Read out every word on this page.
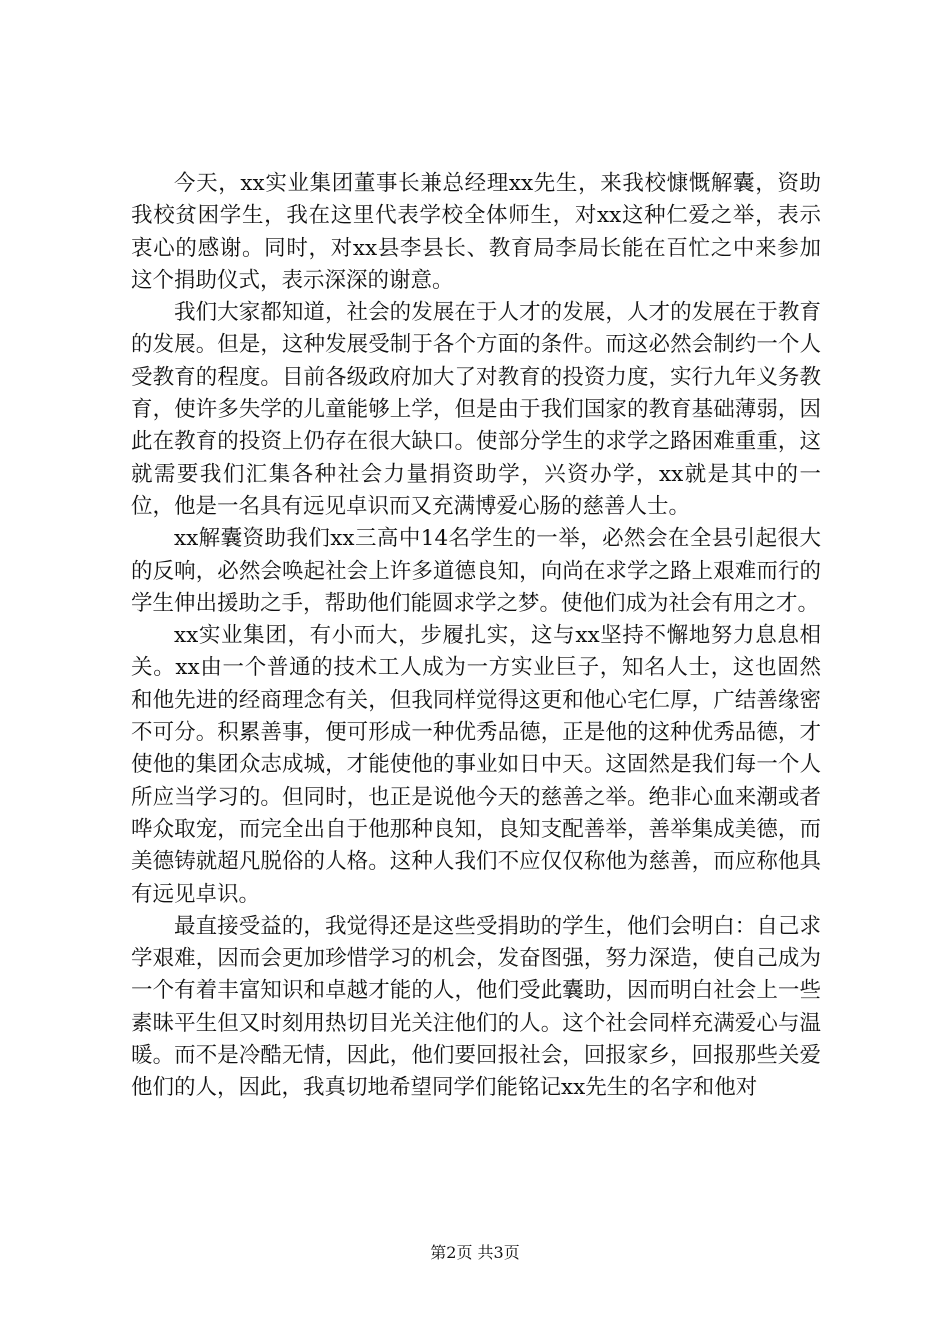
今天，xx实业集团董事长兼总经理xx先生，来我校慷慨解囊，资助我校贫困学生，我在这里代表学校全体师生，对xx这种仁爱之举，表示衷心的感谢。同时，对xx县李县长、教育局李局长能在百忙之中来参加这个捐助仪式，表示深深的谢意。

我们大家都知道，社会的发展在于人才的发展，人才的发展在于教育的发展。但是，这种发展受制于各个方面的条件。而这必然会制约一个人受教育的程度。目前各级政府加大了对教育的投资力度，实行九年义务教育，使许多失学的儿童能够上学，但是由于我们国家的教育基础薄弱，因此在教育的投资上仍存在很大缺口。使部分学生的求学之路困难重重，这就需要我们汇集各种社会力量捐资助学，兴资办学，xx就是其中的一位，他是一名具有远见卓识而又充满博爱心肠的慈善人士。

xx解囊资助我们xx三高中14名学生的一举，必然会在全县引起很大的反响，必然会唤起社会上许多道德良知，向尚在求学之路上艰难而行的学生伸出援助之手，帮助他们能圆求学之梦。使他们成为社会有用之才。

xx实业集团，有小而大，步履扎实，这与xx坚持不懈地努力息息相关。xx由一个普通的技术工人成为一方实业巨子，知名人士，这也固然和他先进的经商理念有关，但我同样觉得这更和他心宅仁厚，广结善缘密不可分。积累善事，便可形成一种优秀品德，正是他的这种优秀品德，才使他的集团众志成城，才能使他的事业如日中天。这固然是我们每一个人所应当学习的。但同时，也正是说他今天的慈善之举。绝非心血来潮或者哗众取宠，而完全出自于他那种良知，良知支配善举，善举集成美德，而美德铸就超凡脱俗的人格。这种人我们不应仅仅称他为慈善，而应称他具有远见卓识。

最直接受益的，我觉得还是这些受捐助的学生，他们会明白：自己求学艰难，因而会更加珍惜学习的机会，发奋图强，努力深造，使自己成为一个有着丰富知识和卓越才能的人，他们受此囊助，因而明白社会上一些素昧平生但又时刻用热切目光关注他们的人。这个社会同样充满爱心与温暖。而不是冷酷无情，因此，他们要回报社会，回报家乡，回报那些关爱他们的人，因此，我真切地希望同学们能铭记xx先生的名字和他对

第2页 共3页
